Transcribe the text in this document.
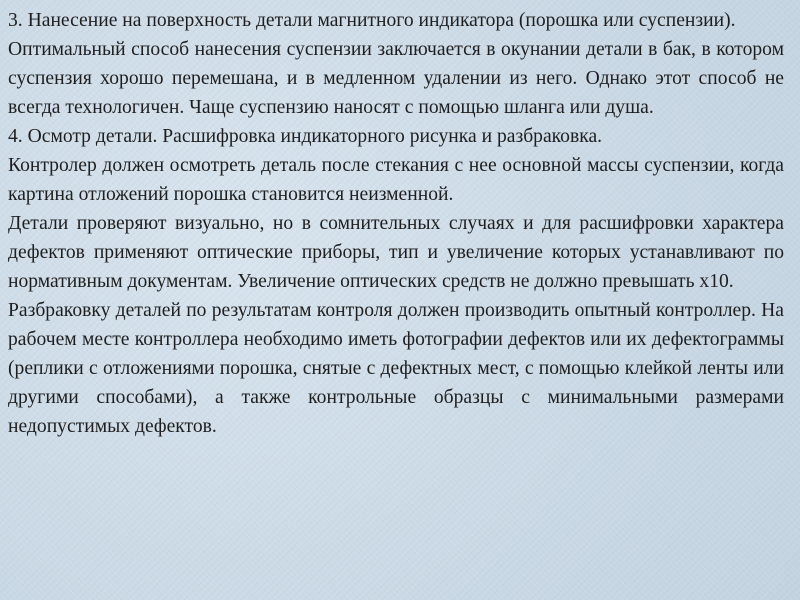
3. Нанесение на поверхность детали магнитного индикатора (порошка или суспензии).

Оптимальный способ нанесения суспензии заключается в окунании детали в бак, в котором суспензия хорошо перемешана, и в медленном удалении из него. Однако этот способ не всегда технологичен. Чаще суспензию наносят с помощью шланга или душа.

4. Осмотр детали. Расшифровка индикаторного рисунка и разбраковка.

Контролер должен осмотреть деталь после стекания с нее основной массы суспензии, когда картина отложений порошка становится неизменной.

Детали проверяют визуально, но в сомнительных случаях и для расшифровки характера дефектов применяют оптические приборы, тип и увеличение которых устанавливают по нормативным документам. Увеличение оптических средств не должно превышать х10.

Разбраковку деталей по результатам контроля должен производить опытный контроллер. На рабочем месте контроллера необходимо иметь фотографии дефектов или их дефектограммы (реплики с отложениями порошка, снятые с дефектных мест, с помощью клейкой ленты или другими способами), а также контрольные образцы с минимальными размерами недопустимых дефектов.
